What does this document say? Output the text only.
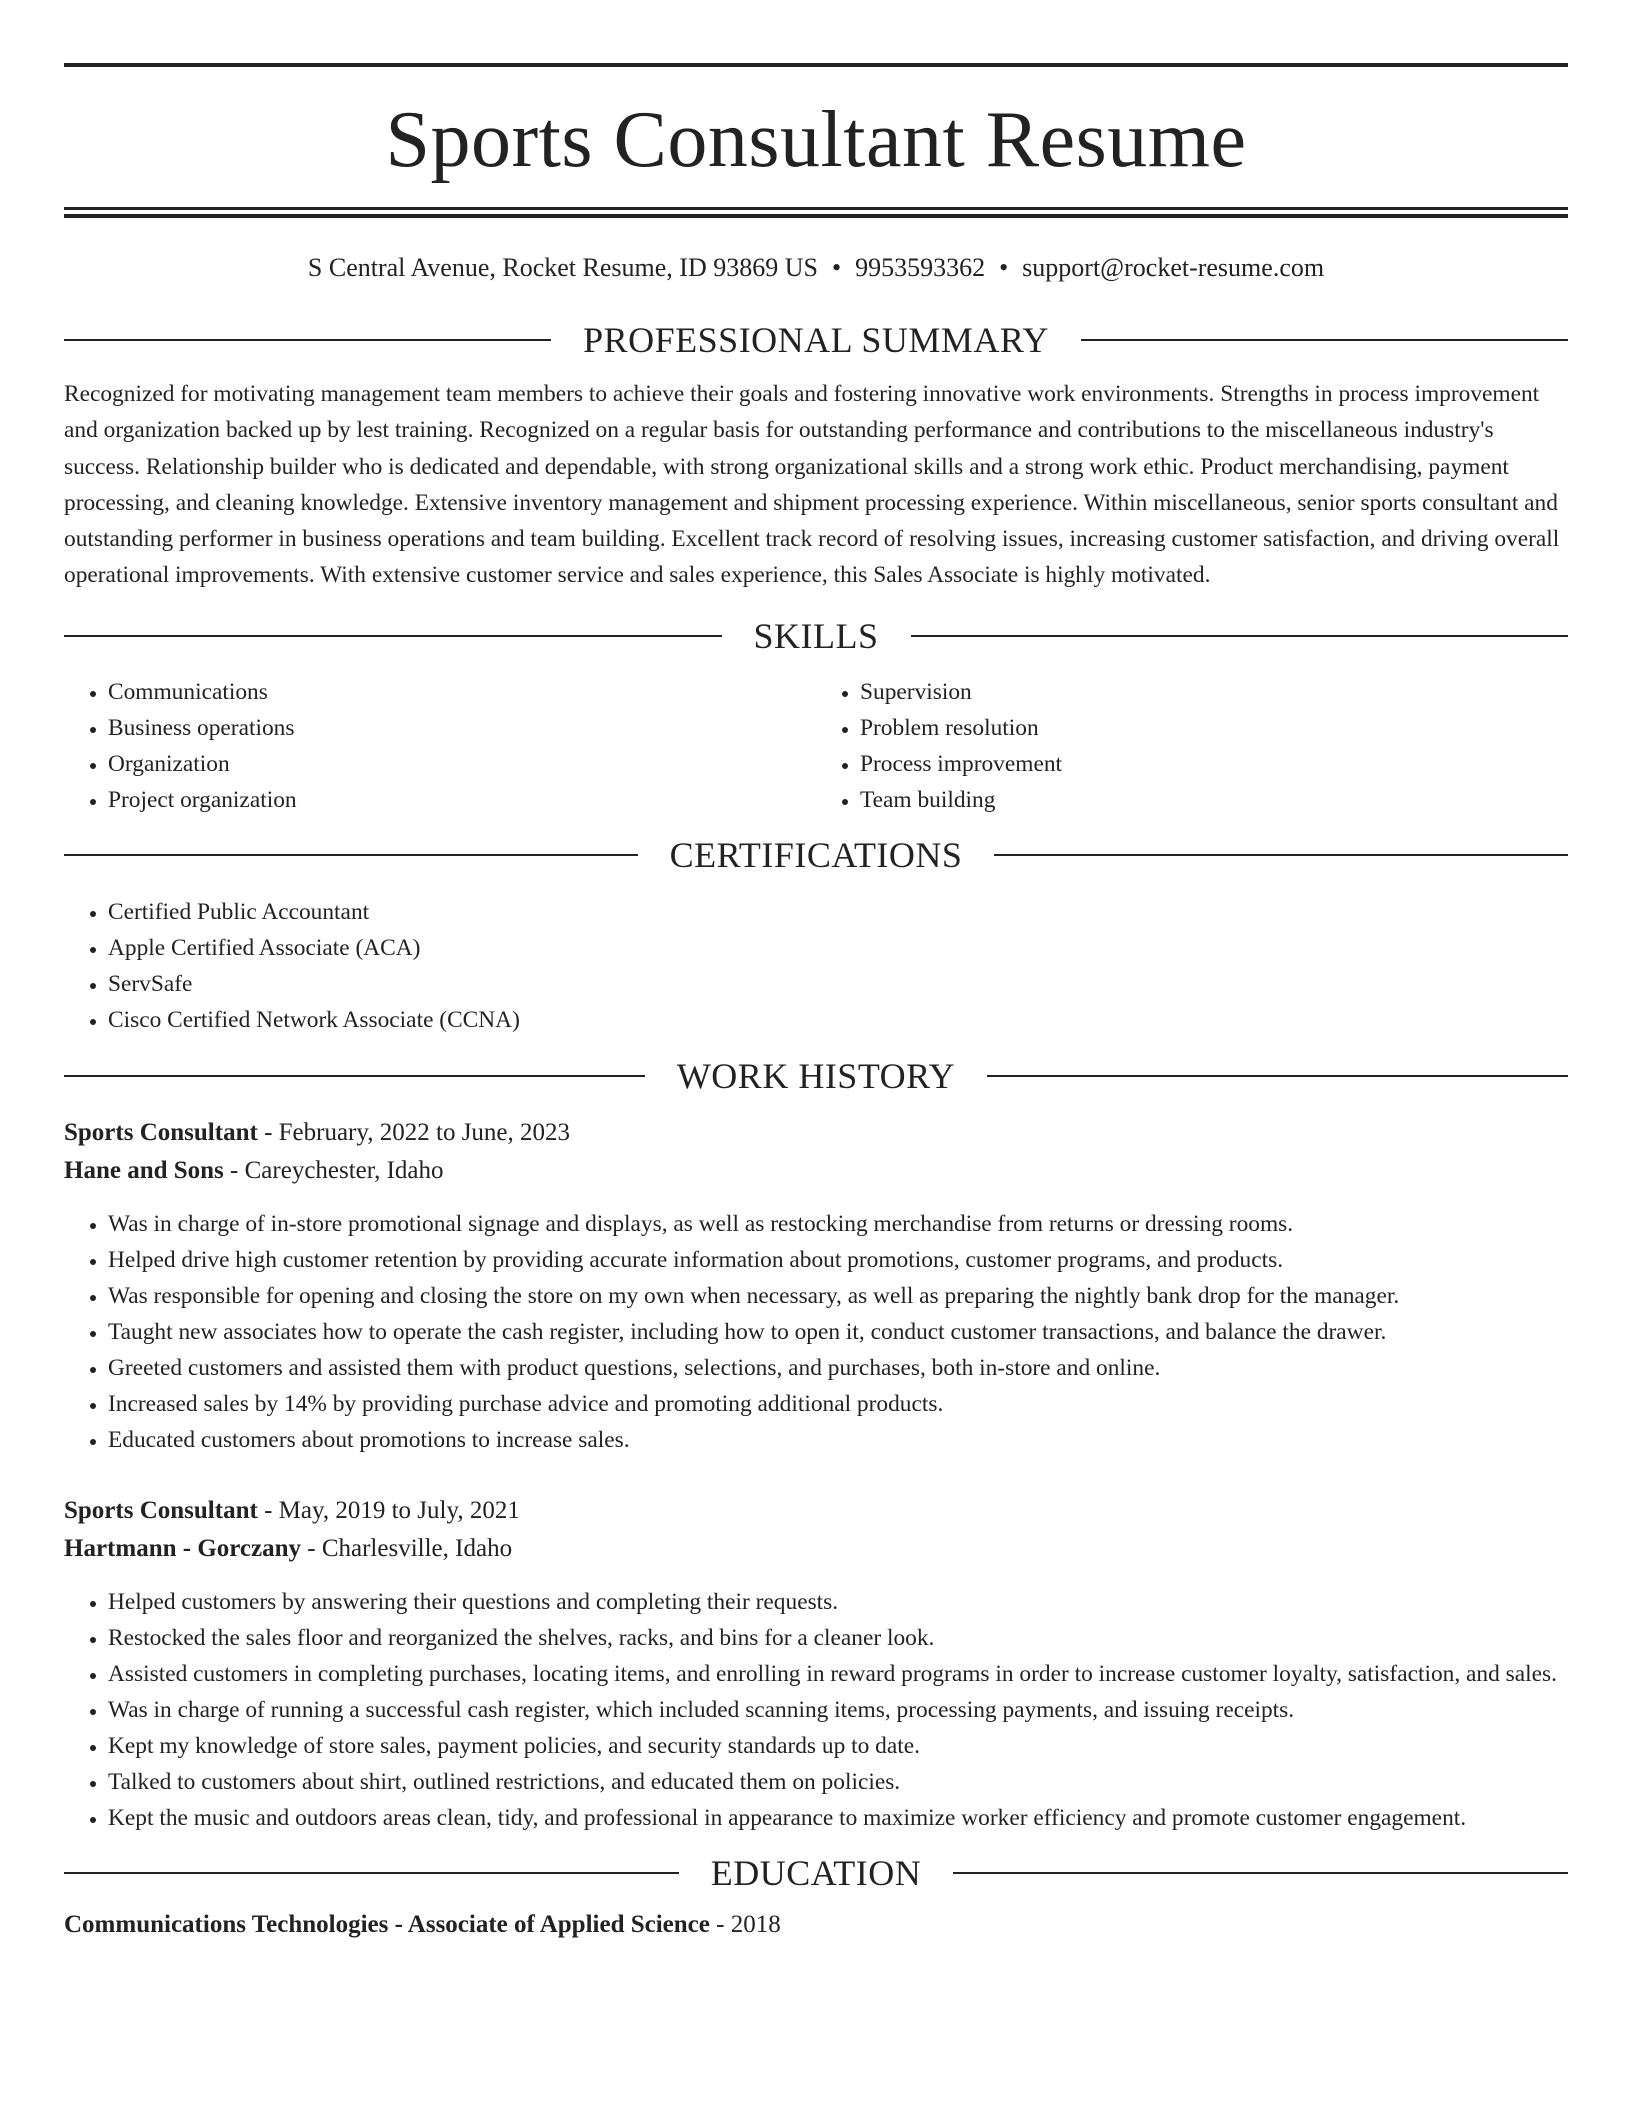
Sports Consultant Resume
S Central Avenue, Rocket Resume, ID 93869 US • 9953593362 • support@rocket-resume.com
PROFESSIONAL SUMMARY

Recognized for motivating management team members to achieve their goals and fostering innovative work environments. Strengths in process improvement and organization backed up by lest training. Recognized on a regular basis for outstanding performance and contributions to the miscellaneous industry's success. Relationship builder who is dedicated and dependable, with strong organizational skills and a strong work ethic. Product merchandising, payment processing, and cleaning knowledge. Extensive inventory management and shipment processing experience. Within miscellaneous, senior sports consultant and outstanding performer in business operations and team building. Excellent track record of resolving issues, increasing customer satisfaction, and driving overall operational improvements. With extensive customer service and sales experience, this Sales Associate is highly motivated.

SKILLS
• Communications
• Business operations
• Organization
• Project organization
• Supervision
• Problem resolution
• Process improvement
• Team building
CERTIFICATIONS
• Certified Public Accountant
• Apple Certified Associate (ACA)
• ServSafe
• Cisco Certified Network Associate (CCNA)
WORK HISTORY
Sports Consultant - February, 2022 to June, 2023
Hane and Sons - Careychester, Idaho
• Was in charge of in-store promotional signage and displays, as well as restocking merchandise from returns or dressing rooms.
• Helped drive high customer retention by providing accurate information about promotions, customer programs, and products.
• Was responsible for opening and closing the store on my own when necessary, as well as preparing the nightly bank drop for the manager.
• Taught new associates how to operate the cash register, including how to open it, conduct customer transactions, and balance the drawer.
• Greeted customers and assisted them with product questions, selections, and purchases, both in-store and online.
• Increased sales by 14% by providing purchase advice and promoting additional products.
• Educated customers about promotions to increase sales.
Sports Consultant - May, 2019 to July, 2021
Hartmann - Gorczany - Charlesville, Idaho
• Helped customers by answering their questions and completing their requests.
• Restocked the sales floor and reorganized the shelves, racks, and bins for a cleaner look.
• Assisted customers in completing purchases, locating items, and enrolling in reward programs in order to increase customer loyalty, satisfaction, and sales.
• Was in charge of running a successful cash register, which included scanning items, processing payments, and issuing receipts.
• Kept my knowledge of store sales, payment policies, and security standards up to date.
• Talked to customers about shirt, outlined restrictions, and educated them on policies.
• Kept the music and outdoors areas clean, tidy, and professional in appearance to maximize worker efficiency and promote customer engagement.
EDUCATION
Communications Technologies - Associate of Applied Science - 2018
